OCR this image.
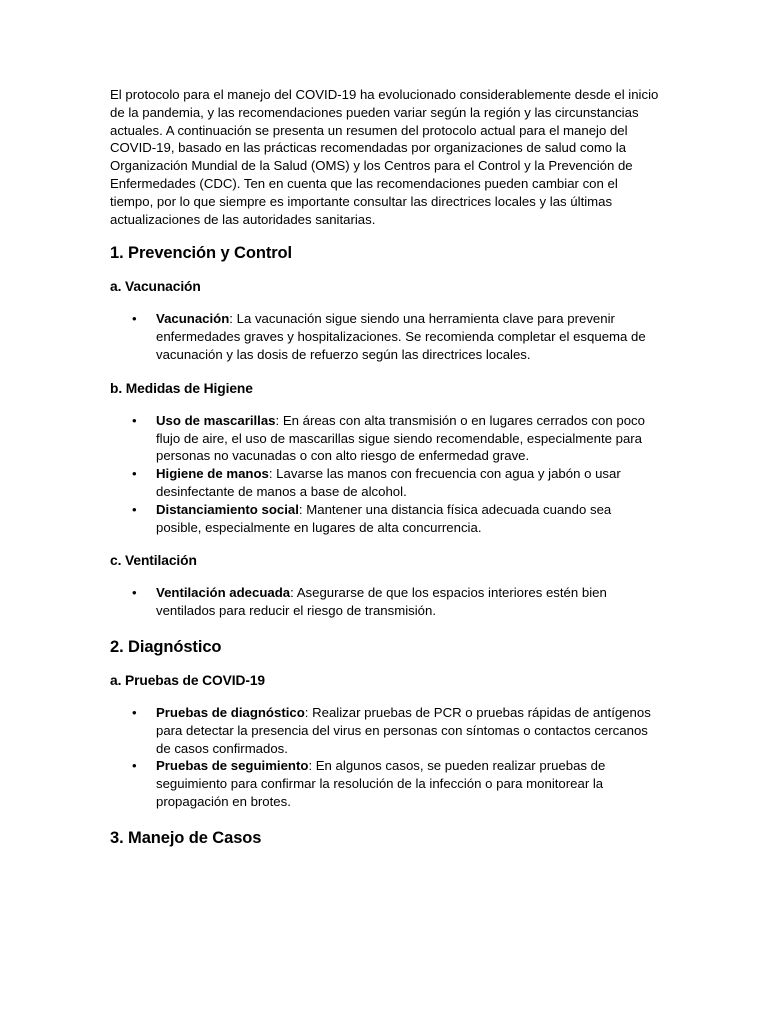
El protocolo para el manejo del COVID-19 ha evolucionado considerablemente desde el inicio de la pandemia, y las recomendaciones pueden variar según la región y las circunstancias actuales. A continuación se presenta un resumen del protocolo actual para el manejo del COVID-19, basado en las prácticas recomendadas por organizaciones de salud como la Organización Mundial de la Salud (OMS) y los Centros para el Control y la Prevención de Enfermedades (CDC). Ten en cuenta que las recomendaciones pueden cambiar con el tiempo, por lo que siempre es importante consultar las directrices locales y las últimas actualizaciones de las autoridades sanitarias.

1. Prevención y Control
a. Vacunación
• Vacunación: La vacunación sigue siendo una herramienta clave para prevenir enfermedades graves y hospitalizaciones. Se recomienda completar el esquema de vacunación y las dosis de refuerzo según las directrices locales.
b. Medidas de Higiene
• Uso de mascarillas: En áreas con alta transmisión o en lugares cerrados con poco flujo de aire, el uso de mascarillas sigue siendo recomendable, especialmente para personas no vacunadas o con alto riesgo de enfermedad grave.
• Higiene de manos: Lavarse las manos con frecuencia con agua y jabón o usar desinfectante de manos a base de alcohol.
• Distanciamiento social: Mantener una distancia física adecuada cuando sea posible, especialmente en lugares de alta concurrencia.
c. Ventilación
• Ventilación adecuada: Asegurarse de que los espacios interiores estén bien ventilados para reducir el riesgo de transmisión.
2. Diagnóstico
a. Pruebas de COVID-19
• Pruebas de diagnóstico: Realizar pruebas de PCR o pruebas rápidas de antígenos para detectar la presencia del virus en personas con síntomas o contactos cercanos de casos confirmados.
• Pruebas de seguimiento: En algunos casos, se pueden realizar pruebas de seguimiento para confirmar la resolución de la infección o para monitorear la propagación en brotes.
3. Manejo de Casos
